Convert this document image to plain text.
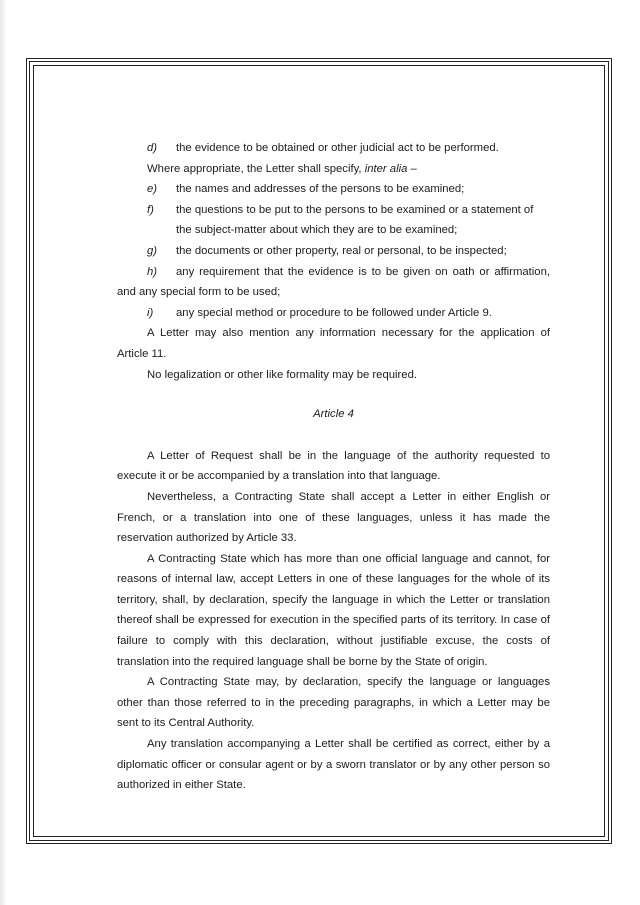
d) the evidence to be obtained or other judicial act to be performed.

Where appropriate, the Letter shall specify, inter alia –

e) the names and addresses of the persons to be examined;

f) the questions to be put to the persons to be examined or a statement of

the subject-matter about which they are to be examined;

g) the documents or other property, real or personal, to be inspected;

h) any requirement that the evidence is to be given on oath or affirmation, and any special form to be used;

i) any special method or procedure to be followed under Article 9.

A Letter may also mention any information necessary for the application of Article 11.

No legalization or other like formality may be required.

Article 4

A Letter of Request shall be in the language of the authority requested to execute it or be accompanied by a translation into that language.

Nevertheless, a Contracting State shall accept a Letter in either English or French, or a translation into one of these languages, unless it has made the reservation authorized by Article 33.

A Contracting State which has more than one official language and cannot, for reasons of internal law, accept Letters in one of these languages for the whole of its territory, shall, by declaration, specify the language in which the Letter or translation thereof shall be expressed for execution in the specified parts of its territory. In case of failure to comply with this declaration, without justifiable excuse, the costs of translation into the required language shall be borne by the State of origin.

A Contracting State may, by declaration, specify the language or languages other than those referred to in the preceding paragraphs, in which a Letter may be sent to its Central Authority.

Any translation accompanying a Letter shall be certified as correct, either by a diplomatic officer or consular agent or by a sworn translator or by any other person so authorized in either State.
